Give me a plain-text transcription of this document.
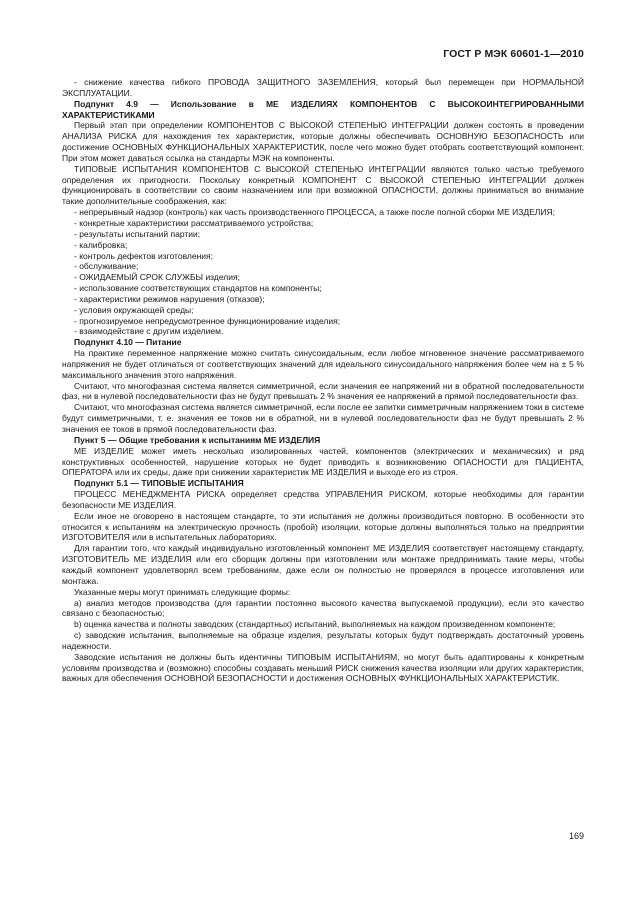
ГОСТ Р МЭК 60601-1—2010

- снижение качества гибкого ПРОВОДА ЗАЩИТНОГО ЗАЗЕМЛЕНИЯ, который был перемещен при НОРМАЛЬНОЙ ЭКСПЛУАТАЦИИ.

Подпункт 4.9 — Использование в МЕ ИЗДЕЛИЯХ КОМПОНЕНТОВ С ВЫСОКОИНТЕГРИРОВАННЫМИ ХАРАКТЕРИСТИКАМИ

Первый этап при определении КОМПОНЕНТОВ С ВЫСОКОЙ СТЕПЕНЬЮ ИНТЕГРАЦИИ должен состоять в проведении АНАЛИЗА РИСКА для нахождения тех характеристик, которые должны обеспечивать ОСНОВНУЮ БЕЗОПАСНОСТЬ или достижение ОСНОВНЫХ ФУНКЦИОНАЛЬНЫХ ХАРАКТЕРИСТИК, после чего можно будет отобрать соответствующий компонент. При этом может даваться ссылка на стандарты МЭК на компоненты.

ТИПОВЫЕ ИСПЫТАНИЯ КОМПОНЕНТОВ С ВЫСОКОЙ СТЕПЕНЬЮ ИНТЕГРАЦИИ являются только частью требуемого определения их пригодности. Поскольку конкретный КОМПОНЕНТ С ВЫСОКОЙ СТЕПЕНЬЮ ИНТЕГРАЦИИ должен функционировать в соответствии со своим назначением или при возможной ОПАСНОСТИ, должны приниматься во внимание такие дополнительные соображения, как:

- непрерывный надзор (контроль) как часть производственного ПРОЦЕССА, а также после полной сборки МЕ ИЗДЕЛИЯ;

- конкретные характеристики рассматриваемого устройства;

- результаты испытаний партии;

- калибровка;

- контроль дефектов изготовления;

- обслуживание;

- ОЖИДАЕМЫЙ СРОК СЛУЖБЫ изделия;

- использование соответствующих стандартов на компоненты;

- характеристики режимов нарушения (отказов);

- условия окружающей среды;

- прогнозируемое непредусмотренное функционирование изделия;

- взаимодействие с другим изделием.

Подпункт 4.10 — Питание

На практике переменное напряжение можно считать синусоидальным, если любое мгновенное значение рассматриваемого напряжения не будет отличаться от соответствующих значений для идеального синусоидального напряжения более чем на ± 5 % максимального значения этого напряжения.

Считают, что многофазная система является симметричной, если значения ее напряжений ни в обратной последовательности фаз, ни в нулевой последовательности фаз не будут превышать 2 % значения ее напряжений в прямой последовательности фаз.

Считают, что многофазная система является симметричной, если после ее запитки симметричным напряжением токи в системе будут симметричными, т. е. значения ее токов ни в обратной, ни в нулевой последовательности фаз не будут превышать 2 % значения ее токов в прямой последовательности фаз.

Пункт 5 — Общие требования к испытаниям МЕ ИЗДЕЛИЯ

МЕ ИЗДЕЛИЕ может иметь несколько изолированных частей, компонентов (электрических и механических) и ряд конструктивных особенностей, нарушение которых не будет приводить к возникновению ОПАСНОСТИ для ПАЦИЕНТА, ОПЕРАТОРА или их среды, даже при снижении характеристик МЕ ИЗДЕЛИЯ и выходе его из строя.

Подпункт 5.1 — ТИПОВЫЕ ИСПЫТАНИЯ

ПРОЦЕСС МЕНЕДЖМЕНТА РИСКА определяет средства УПРАВЛЕНИЯ РИСКОМ, которые необходимы для гарантии безопасности МЕ ИЗДЕЛИЯ.

Если иное не оговорено в настоящем стандарте, то эти испытания не должны производиться повторно. В особенности это относится к испытаниям на электрическую прочность (пробой) изоляции, которые должны выполняться только на предприятии ИЗГОТОВИТЕЛЯ или в испытательных лабораториях.

Для гарантии того, что каждый индивидуально изготовленный компонент МЕ ИЗДЕЛИЯ соответствует настоящему стандарту, ИЗГОТОВИТЕЛЬ МЕ ИЗДЕЛИЯ или его сборщик должны при изготовлении или монтаже предпринимать такие меры, чтобы каждый компонент удовлетворял всем требованиям, даже если он полностью не проверялся в процессе изготовления или монтажа.

Указанные меры могут принимать следующие формы:

а) анализ методов производства (для гарантии постоянно высокого качества выпускаемой продукции), если это качество связано с безопасностью;

b) оценка качества и полноты заводских (стандартных) испытаний, выполняемых на каждом произведенном компоненте;

с) заводские испытания, выполняемые на образце изделия, результаты которых будут подтверждать достаточный уровень надежности.

Заводские испытания не должны быть идентичны ТИПОВЫМ ИСПЫТАНИЯМ, но могут быть адаптированы к конкретным условиям производства и (возможно) способны создавать меньший РИСК снижения качества изоляции или других характеристик, важных для обеспечения ОСНОВНОЙ БЕЗОПАСНОСТИ и достижения ОСНОВНЫХ ФУНКЦИОНАЛЬНЫХ ХАРАКТЕРИСТИК.

169
